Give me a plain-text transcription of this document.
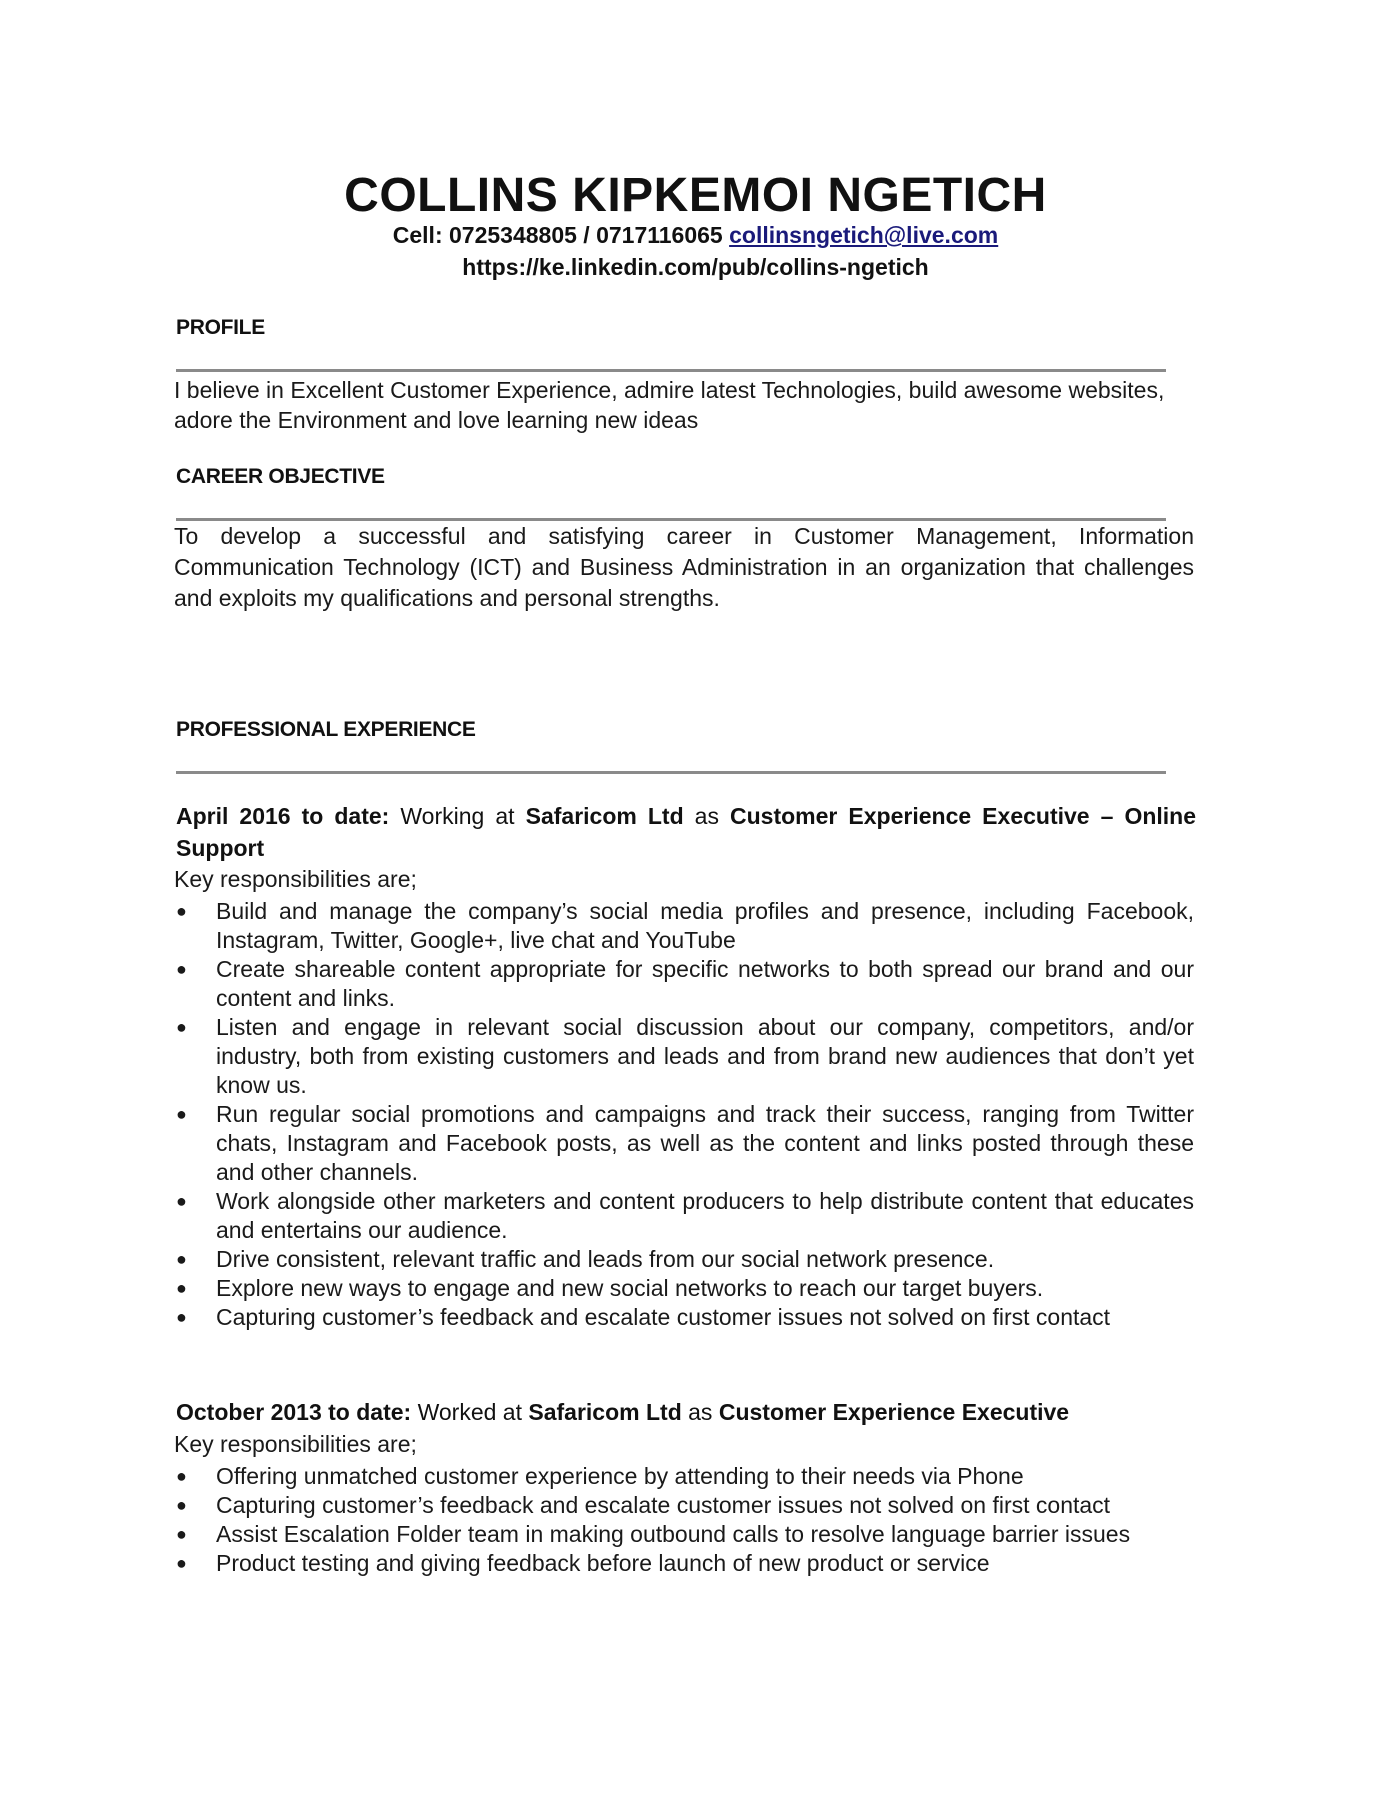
COLLINS KIPKEMOI NGETICH
Cell: 0725348805 / 0717116065 collinsngetich@live.com
https://ke.linkedin.com/pub/collins-ngetich
PROFILE
I believe in Excellent Customer Experience, admire latest Technologies, build awesome websites, adore the Environment and love learning new ideas
CAREER OBJECTIVE
To develop a successful and satisfying career in Customer Management, Information Communication Technology (ICT) and Business Administration in an organization that challenges and exploits my qualifications and personal strengths.
PROFESSIONAL EXPERIENCE
April 2016 to date: Working at Safaricom Ltd as Customer Experience Executive – Online Support
Key responsibilities are;
● Build and manage the company’s social media profiles and presence, including Facebook, Instagram, Twitter, Google+, live chat and YouTube
● Create shareable content appropriate for specific networks to both spread our brand and our content and links.
● Listen and engage in relevant social discussion about our company, competitors, and/or industry, both from existing customers and leads and from brand new audiences that don’t yet know us.
● Run regular social promotions and campaigns and track their success, ranging from Twitter chats, Instagram and Facebook posts, as well as the content and links posted through these and other channels.
● Work alongside other marketers and content producers to help distribute content that educates and entertains our audience.
● Drive consistent, relevant traffic and leads from our social network presence.
● Explore new ways to engage and new social networks to reach our target buyers.
● Capturing customer’s feedback and escalate customer issues not solved on first contact
October 2013 to date: Worked at Safaricom Ltd as Customer Experience Executive
Key responsibilities are;
● Offering unmatched customer experience by attending to their needs via Phone
● Capturing customer’s feedback and escalate customer issues not solved on first contact
● Assist Escalation Folder team in making outbound calls to resolve language barrier issues
● Product testing and giving feedback before launch of new product or service
